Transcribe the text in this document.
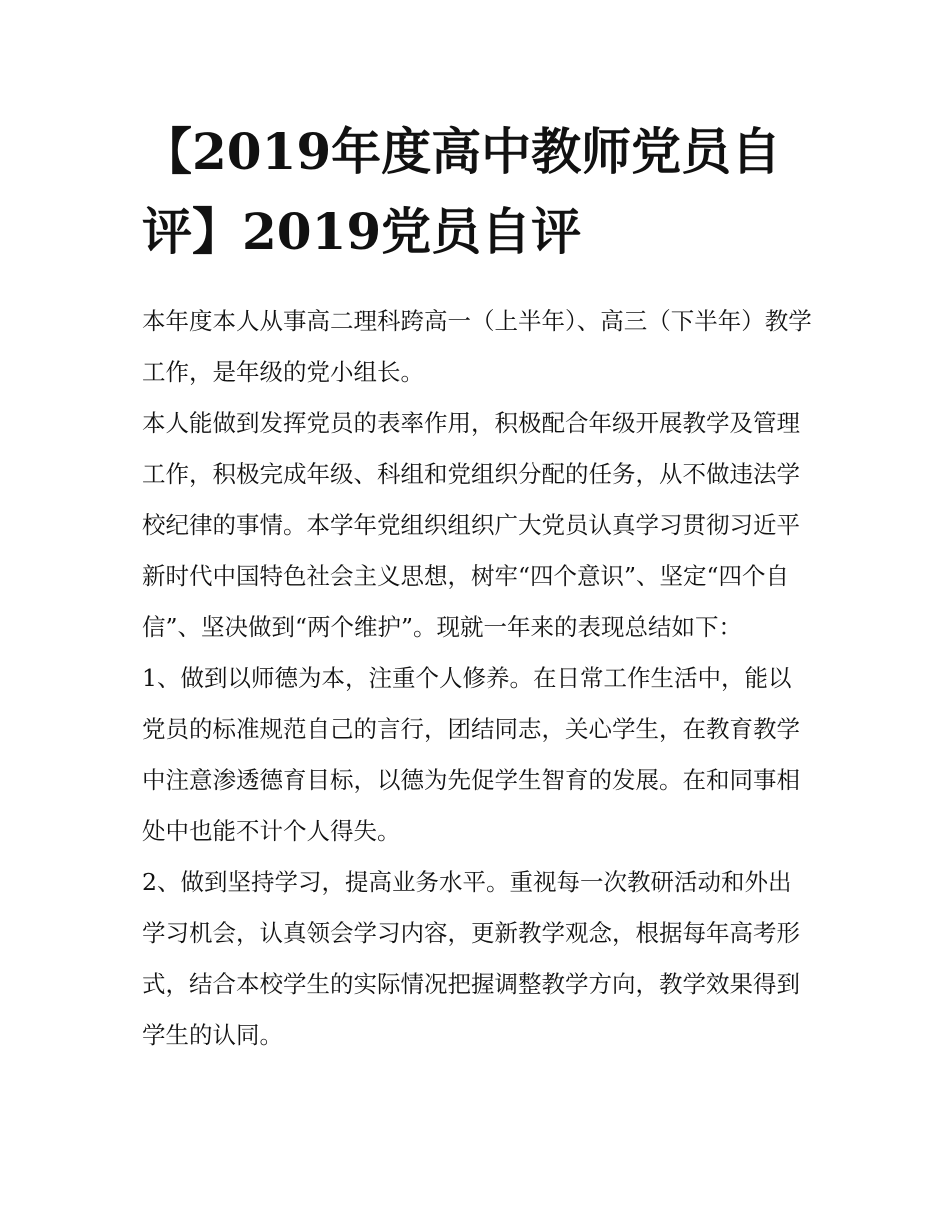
【2019年度高中教师党员自评】2019党员自评

本年度本人从事高二理科跨高一（上半年）、高三（下半年）教学工作，是年级的党小组长。

本人能做到发挥党员的表率作用，积极配合年级开展教学及管理工作，积极完成年级、科组和党组织分配的任务，从不做违法学校纪律的事情。本学年党组织组织广大党员认真学习贯彻习近平新时代中国特色社会主义思想，树牢“四个意识”、坚定“四个自信”、坚决做到“两个维护”。现就一年来的表现总结如下：

1、做到以师德为本，注重个人修养。在日常工作生活中，能以党员的标准规范自己的言行，团结同志，关心学生，在教育教学中注意渗透德育目标，以德为先促学生智育的发展。在和同事相处中也能不计个人得失。

2、做到坚持学习，提高业务水平。重视每一次教研活动和外出学习机会，认真领会学习内容，更新教学观念，根据每年高考形式，结合本校学生的实际情况把握调整教学方向，教学效果得到学生的认同。
